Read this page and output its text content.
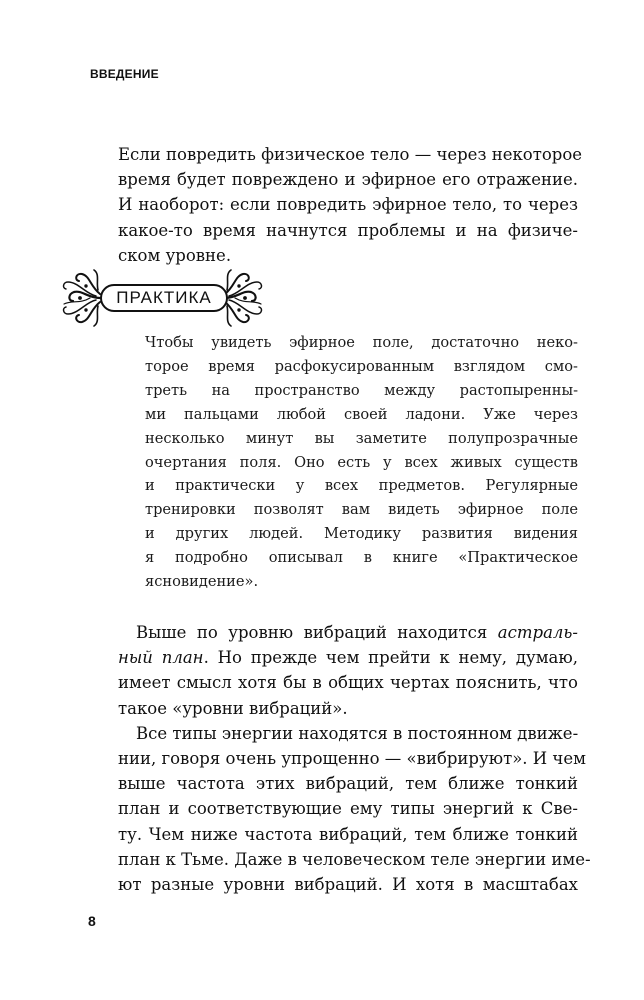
ВВЕДЕНИЕ
Если повредить физическое тело — через некоторое
время будет повреждено и эфирное его отражение.
И наоборот: если повредить эфирное тело, то через
какое-то время начнутся проблемы и на физиче-
ском уровне.
ПРАКТИКА
Чтобы увидеть эфирное поле, достаточно неко-
торое время расфокусированным взглядом смо-
треть на пространство между растопыренны-
ми пальцами любой своей ладони. Уже через
несколько минут вы заметите полупрозрачные
очертания поля. Оно есть у всех живых существ
и практически у всех предметов. Регулярные
тренировки позволят вам видеть эфирное поле
и других людей. Методику развития видения
я подробно описывал в книге «Практическое
ясновидение».
Выше по уровню вибраций находится астраль-
ный план. Но прежде чем прейти к нему, думаю,
имеет смысл хотя бы в общих чертах пояснить, что
такое «уровни вибраций».
Все типы энергии находятся в постоянном движе-
нии, говоря очень упрощенно — «вибрируют». И чем
выше частота этих вибраций, тем ближе тонкий
план и соответствующие ему типы энергий к Све-
ту. Чем ниже частота вибраций, тем ближе тонкий
план к Тьме. Даже в человеческом теле энергии име-
ют разные уровни вибраций. И хотя в масштабах
8
